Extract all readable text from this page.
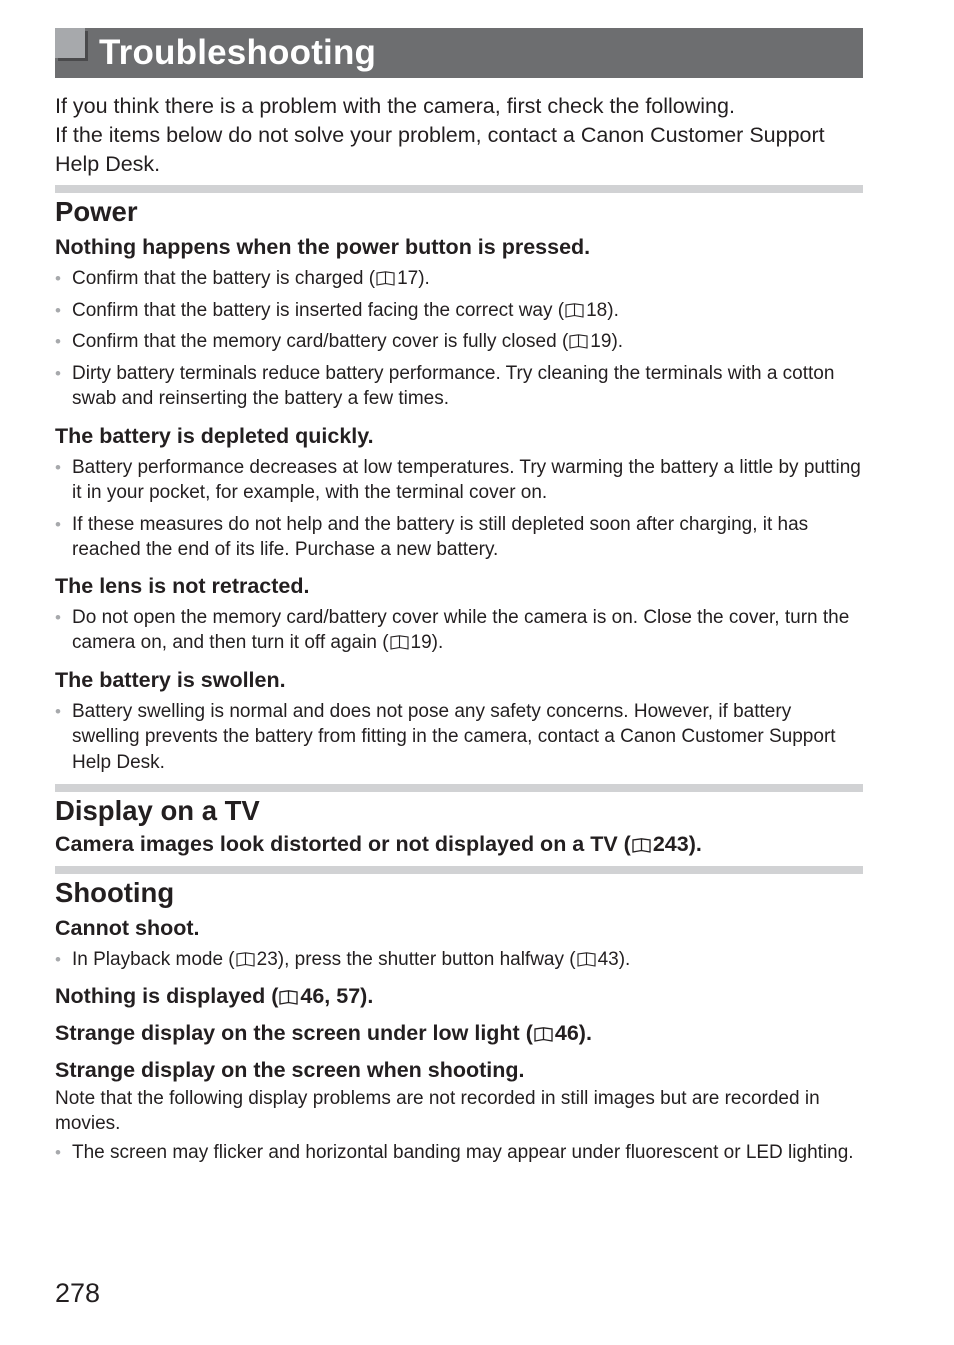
Troubleshooting

If you think there is a problem with the camera, first check the following.

If the items below do not solve your problem, contact a Canon Customer Support Help Desk.

Power
Nothing happens when the power button is pressed.
• Confirm that the battery is charged ( 17).
• Confirm that the battery is inserted facing the correct way ( 18).
• Confirm that the memory card/battery cover is fully closed ( 19).
• Dirty battery terminals reduce battery performance. Try cleaning the terminals with a cotton swab and reinserting the battery a few times.
The battery is depleted quickly.
• Battery performance decreases at low temperatures. Try warming the battery a little by putting it in your pocket, for example, with the terminal cover on.
• If these measures do not help and the battery is still depleted soon after charging, it has reached the end of its life. Purchase a new battery.
The lens is not retracted.
• Do not open the memory card/battery cover while the camera is on. Close the cover, turn the camera on, and then turn it off again ( 19).
The battery is swollen.
• Battery swelling is normal and does not pose any safety concerns. However, if battery swelling prevents the battery from fitting in the camera, contact a Canon Customer Support Help Desk.
Display on a TV
Camera images look distorted or not displayed on a TV ( 243).
Shooting
Cannot shoot.
• In Playback mode ( 23), press the shutter button halfway ( 43).
Nothing is displayed ( 46, 57).
Strange display on the screen under low light ( 46).
Strange display on the screen when shooting.

Note that the following display problems are not recorded in still images but are recorded in movies.

• The screen may flicker and horizontal banding may appear under fluorescent or LED lighting.
278
